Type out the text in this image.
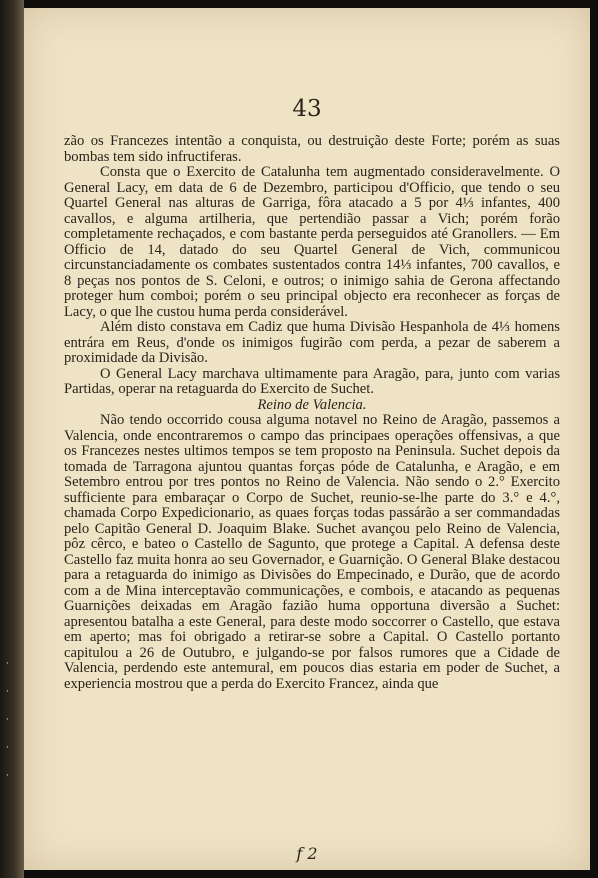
·
·
·
·
·

43

zão os Francezes intentão a conquista, ou destruição deste Forte; porém as suas bombas tem sido infructiferas.

Consta que o Exercito de Catalunha tem augmentado consideravelmente. O General Lacy, em data de 6 de Dezembro, participou d'Officio, que tendo o seu Quartel General nas alturas de Garriga, fôra atacado a 5 por 4⅓ infantes, 400 cavallos, e alguma artilheria, que pertendião passar a Vich; porém forão completamente rechaçados, e com bastante perda perseguidos até Granollers. — Em Officio de 14, datado do seu Quartel General de Vich, communicou circunstanciadamente os combates sustentados contra 14⅓ infantes, 700 cavallos, e 8 peças nos pontos de S. Celoni, e outros; o inimigo sahia de Gerona affectando proteger hum comboi; porém o seu principal objecto era reconhecer as forças de Lacy, o que lhe custou huma perda considerável.

Além disto constava em Cadiz que huma Divisão Hespanhola de 4⅓ homens entrára em Reus, d'onde os inimigos fugirão com perda, a pezar de saberem a proximidade da Divisão.

O General Lacy marchava ultimamente para Aragão, para, junto com varias Partidas, operar na retaguarda do Exercito de Suchet.

Reino de Valencia.

Não tendo occorrido cousa alguma notavel no Reino de Aragão, passemos a Valencia, onde encontraremos o campo das principaes operações offensivas, a que os Francezes nestes ultimos tempos se tem proposto na Peninsula. Suchet depois da tomada de Tarragona ajuntou quantas forças póde de Catalunha, e Aragão, e em Setembro entrou por tres pontos no Reino de Valencia. Não sendo o 2.° Exercito sufficiente para embaraçar o Corpo de Suchet, reunio-se-lhe parte do 3.° e 4.°, chamada Corpo Expedicionario, as quaes forças todas passárão a ser commandadas pelo Capitão General D. Joaquim Blake. Suchet avançou pelo Reino de Valencia, pôz cêrco, e bateo o Castello de Sagunto, que protege a Capital. A defensa deste Castello faz muita honra ao seu Governador, e Guarnição. O General Blake destacou para a retaguarda do inimigo as Divisões do Empecinado, e Durão, que de acordo com a de Mina interceptavão communicações, e combois, e atacando as pequenas Guarnições deixadas em Aragão fazião huma opportuna diversão a Suchet: apresentou batalha a este General, para deste modo soccorrer o Castello, que estava em aperto; mas foi obrigado a retirar-se sobre a Capital. O Castello portanto capitulou a 26 de Outubro, e julgando-se por falsos rumores que a Cidade de Valencia, perdendo este antemural, em poucos dias estaria em poder de Suchet, a experiencia mostrou que a perda do Exercito Francez, ainda que

f 2
